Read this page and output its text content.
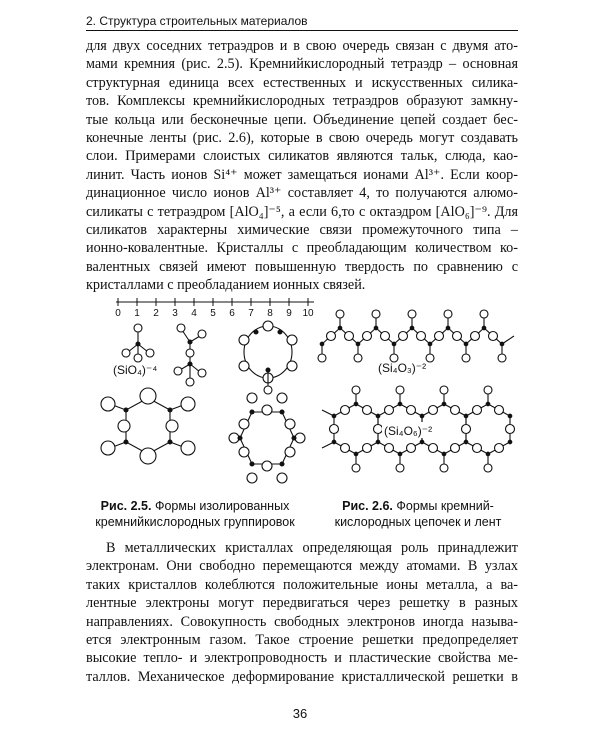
2. Структура строительных материалов
для двух соседних тетраэдров и в свою очередь связан с двумя ато-
мами кремния (рис. 2.5). Кремнийкислородный тетраэдр – основная
структурная единица всех естественных и искусственных силика-
тов. Комплексы кремнийкислородных тетраэдров образуют замкну-
тые кольца или бесконечные цепи. Объединение цепей создает бес-
конечные ленты (рис. 2.6), которые в свою очередь могут создавать
слои. Примерами слоистых силикатов являются тальк, слюда, као-
линит. Часть ионов Si⁴⁺ может замещаться ионами Al³⁺. Если коор-
динационное число ионов Al³⁺ составляет 4, то получаются алюмо-
силикаты с тетраэдром [AlO₄]⁻⁵, а если 6,то с октаэдром [AlO₆]⁻⁹. Для
силикатов характерны химические связи промежуточного типа –
ионно-ковалентные. Кристаллы с преобладающим количеством ко-
валентных связей имеют повышенную твердость по сравнению с
кристаллами с преобладанием ионных связей.
0 1 2 3 4 5 6 7 8 9 10
(SiO₄)⁻⁴	(Si₄O₃)⁻²
(Si₄O₆)⁻²
Рис. 2.5. Формы изолированных кремнийкислородных группировок
Рис. 2.6. Формы кремний-кислородных цепочек и лент
В металлических кристаллах определяющая роль принадлежит
электронам. Они свободно перемещаются между атомами. В узлах
таких кристаллов колеблются положительные ионы металла, а ва-
лентные электроны могут передвигаться через решетку в разных
направлениях. Совокупность свободных электронов иногда называ-
ется электронным газом. Такое строение решетки предопределяет
высокие тепло- и электропроводность и пластические свойства ме-
таллов. Механическое деформирование кристаллической решетки в
36
